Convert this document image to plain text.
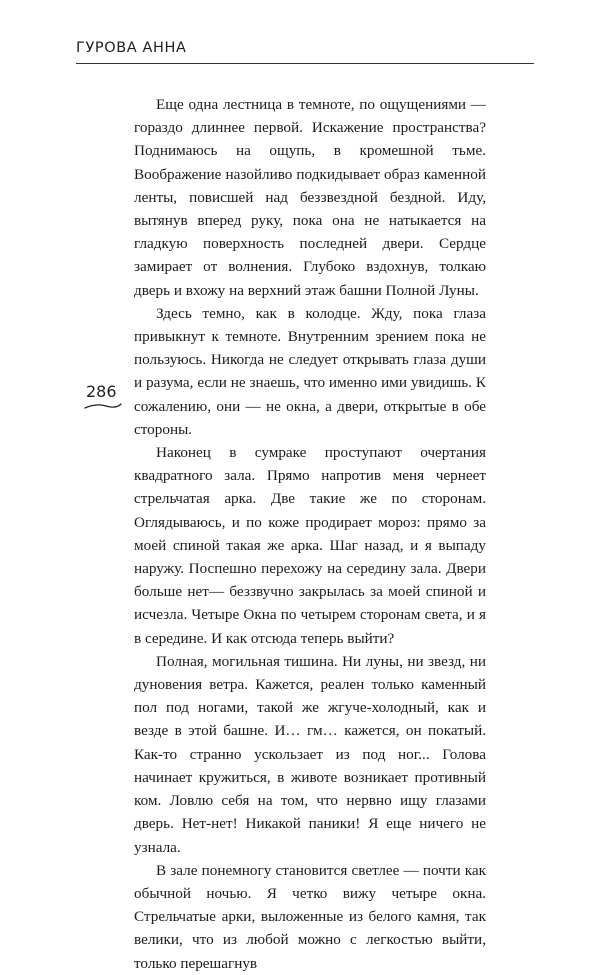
ГУРОВА АННА
286

Еще одна лестница в темноте, по ощущениями — гораздо длиннее первой. Искажение пространства? Поднимаюсь на ощупь, в кромешной тьме. Воображение назойливо подкидывает образ каменной ленты, повисшей над беззвездной бездной. Иду, вытянув вперед руку, пока она не натыкается на гладкую поверхность последней двери. Сердце замирает от волнения. Глубоко вздохнув, толкаю дверь и вхожу на верхний этаж башни Полной Луны.

Здесь темно, как в колодце. Жду, пока глаза привыкнут к темноте. Внутренним зрением пока не пользуюсь. Никогда не следует открывать глаза души и разума, если не знаешь, что именно ими увидишь. К сожалению, они — не окна, а двери, открытые в обе стороны.

Наконец в сумраке проступают очертания квадратного зала. Прямо напротив меня чернеет стрельчатая арка. Две такие же по сторонам. Оглядываюсь, и по коже продирает мороз: прямо за моей спиной такая же арка. Шаг назад, и я выпаду наружу. Поспешно перехожу на середину зала. Двери больше нет— беззвучно закрылась за моей спиной и исчезла. Четыре Окна по четырем сторонам света, и я в середине. И как отсюда теперь выйти?

Полная, могильная тишина. Ни луны, ни звезд, ни дуновения ветра. Кажется, реален только каменный пол под ногами, такой же жгуче-холодный, как и везде в этой башне. И… гм… кажется, он покатый. Как-то странно ускользает из под ног... Голова начинает кружиться, в животе возникает противный ком. Ловлю себя на том, что нервно ищу глазами дверь. Нет-нет! Никакой паники! Я еще ничего не узнала.

В зале понемногу становится светлее — почти как обычной ночью. Я четко вижу четыре окна. Стрельчатые арки, выложенные из белого камня, так велики, что из любой можно с легкостью выйти, только перешагнув
